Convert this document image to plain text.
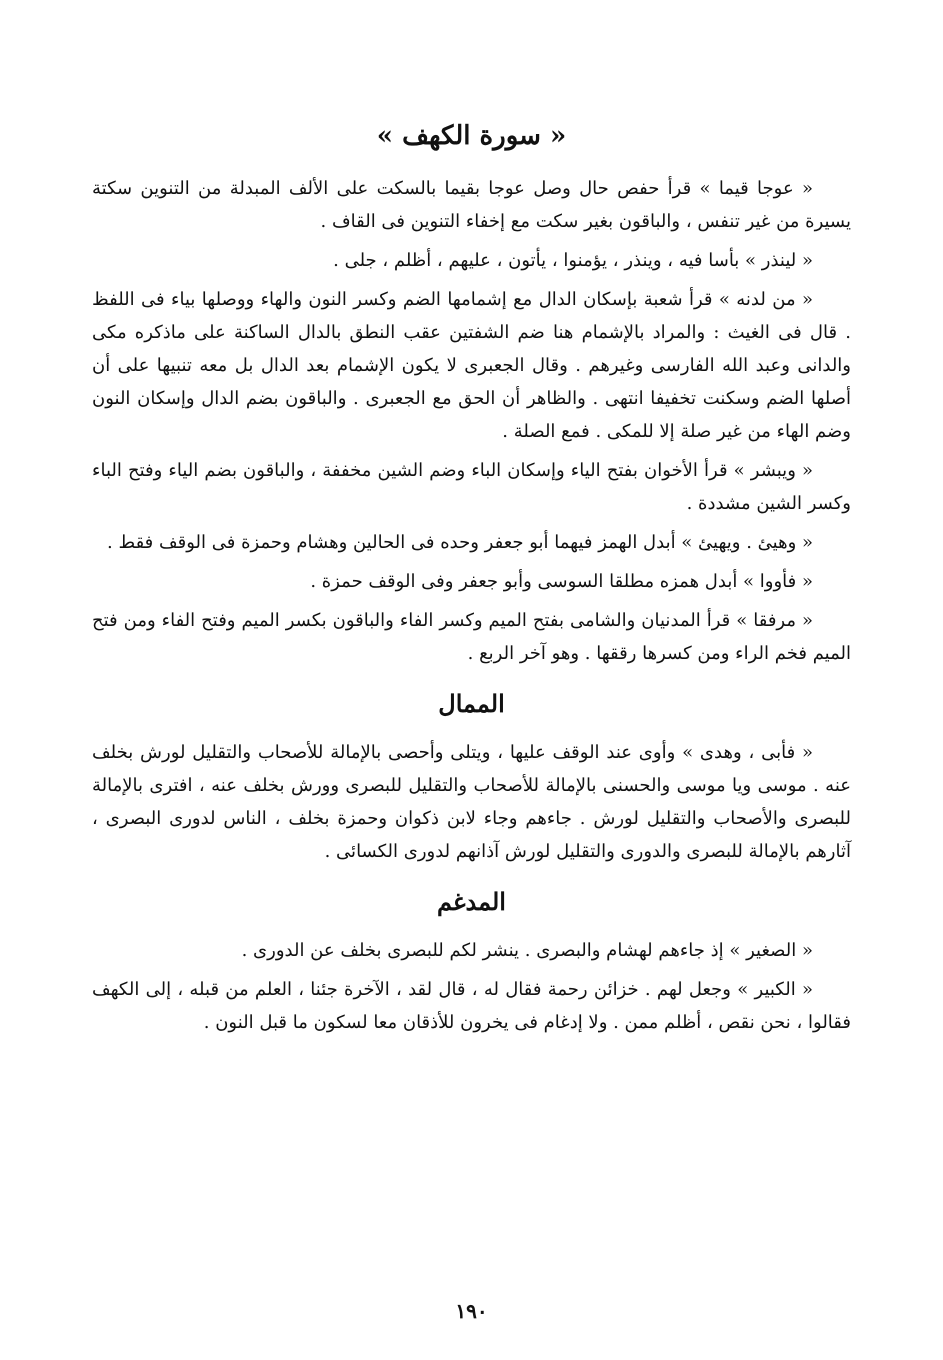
« سورة الكهف »

« عوجا قيما » قرأ حفص حال وصل عوجا بقيما بالسكت على الألف المبدلة من التنوين سكتة يسيرة من غير تنفس ، والباقون بغير سكت مع إخفاء التنوين فى القاف .

« لينذر » بأسا فيه ، وينذر ، يؤمنوا ، يأتون ، عليهم ، أظلم ، جلى .

« من لدنه » قرأ شعبة بإسكان الدال مع إشمامها الضم وكسر النون والهاء ووصلها بياء فى اللفظ . قال فى الغيث : والمراد بالإشمام هنا ضم الشفتين عقب النطق بالدال الساكنة على ماذكره مكى والدانى وعبد الله الفارسى وغيرهم . وقال الجعبرى لا يكون الإشمام بعد الدال بل معه تنبيها على أن أصلها الضم وسكنت تخفيفا انتهى . والظاهر أن الحق مع الجعبرى . والباقون بضم الدال وإسكان النون وضم الهاء من غير صلة إلا للمكى . فمع الصلة .

« ويبشر » قرأ الأخوان بفتح الياء وإسكان الباء وضم الشين مخففة ، والباقون بضم الياء وفتح الباء وكسر الشين مشددة .

« وهيئ . ويهيئ » أبدل الهمز فيهما أبو جعفر وحده فى الحالين وهشام وحمزة فى الوقف فقط .

« فأووا » أبدل همزه مطلقا السوسى وأبو جعفر وفى الوقف حمزة .

« مرفقا » قرأ المدنيان والشامى بفتح الميم وكسر الفاء والباقون بكسر الميم وفتح الفاء ومن فتح الميم فخم الراء ومن كسرها رققها . وهو آخر الربع .

الممال

« فأبى ، وهدى » وأوى عند الوقف عليها ، ويتلى وأحصى بالإمالة للأصحاب والتقليل لورش بخلف عنه . موسى ويا موسى والحسنى بالإمالة للأصحاب والتقليل للبصرى وورش بخلف عنه ، افترى بالإمالة للبصرى والأصحاب والتقليل لورش . جاءهم وجاء لابن ذكوان وحمزة بخلف ، الناس لدورى البصرى ، آثارهم بالإمالة للبصرى والدورى والتقليل لورش آذانهم لدورى الكسائى .

المدغم

« الصغير » إذ جاءهم لهشام والبصرى . ينشر لكم للبصرى بخلف عن الدورى .

« الكبير » وجعل لهم . خزائن رحمة فقال له ، قال لقد ، الآخرة جئنا ، العلم من قبله ، إلى الكهف فقالوا ، نحن نقص ، أظلم ممن . ولا إدغام فى يخرون للأذقان معا لسكون ما قبل النون .

١٩٠
